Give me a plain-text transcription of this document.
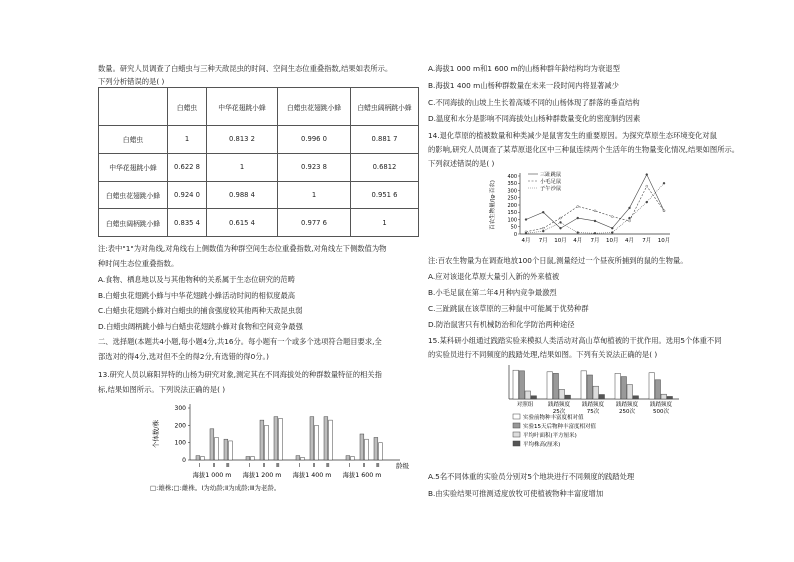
数量。研究人员调查了白蜡虫与三种天敌昆虫的时间、空间生态位重叠指数,结果如表所示。
下列分析错误的是( )
	白蜡虫	中华花翅跳小蜂	白蜡虫花翅跳小蜂	白蜡虫阔柄跳小蜂
白蜡虫	1	0.813 2	0.996 0	0.881 7
中华花翅跳小蜂	0.622 8	1	0.923 8	0.6812
白蜡虫花翅跳小蜂	0.924 0	0.988 4	1	0.951 6
白蜡虫阔柄跳小蜂	0.835 4	0.615 4	0.977 6	1
注:表中"1"为对角线,对角线右上侧数值为种群空间生态位重叠指数,对角线左下侧数值为物
种时间生态位重叠指数。
A.食物、栖息地以及与其他物种的关系属于生态位研究的范畴
B.白蜡虫花翅跳小蜂与中华花翅跳小蜂活动时间的相似度最高
C.白蜡虫花翅跳小蜂对白蜡虫的捕食强度较其他两种天敌昆虫弱
D.白蜡虫阔柄跳小蜂与白蜡虫花翅跳小蜂对食物和空间竞争最强
二、选择题(本题共4小题,每小题4分,共16分。每小题有一个或多个选项符合题目要求,全
部选对的得4分,选对但不全的得2分,有选错的得0分。)
13.研究人员以麻阳异特的山杨为研究对象,测定其在不同海拔处的种群数量特征的相关指
标,结果如图所示。下列说法正确的是( )
0
100
200
300
个体数/株
龄级
海拔1 000 m
Ⅰ Ⅱ Ⅲ
海拔1 200 m
Ⅰ Ⅱ Ⅲ
海拔1 400 m
Ⅰ Ⅱ Ⅲ
海拔1 600 m
Ⅰ Ⅱ Ⅲ
□:雄株;□:雌株。Ⅰ为幼龄;Ⅱ为成龄;Ⅲ为老龄。
A.海拔1 000 m和1 600 m的山杨种群年龄结构均为衰退型
B.海拔1 400 m山杨种群数量在未来一段时间内将显著减少
C.不同海拔的山坡上生长着高矮不同的山杨体现了群落的垂直结构
D.温度和水分是影响不同海拔处山杨种群数量变化的密度制约因素
14.退化草原的植被数量和种类减少是鼠害发生的重要原因。为探究草原生态环境变化对鼠
的影响,研究人员调查了某草原退化区中三种鼠连续两个生活年的生物量变化情况,结果如图所示。
下列叙述错误的是( )
0
50
100
150
200
250
300
350
400
百农生物量/(g·百农)
4月 7月 10月 4月 7月 10月 4月 7月 10月
三趾跳鼠
小毛足鼠
子午沙鼠
注:百农生物量为在调查地放100个日鼠,测量经过一个昼夜所捕到的鼠的生物量。
A.应对该退化草原大量引入新的外来植被
B.小毛足鼠在第二年4月种内竞争最激烈
C.三趾跳鼠在该草原的三种鼠中可能属于优势种群
D.防治鼠害只有机械防治和化学防治两种途径
15.某科研小组通过践踏实验来模拟人类活动对高山草甸植被的干扰作用。选用5个体重不同
的实验员进行不同频度的践踏处理,结果如图。下列有关说法正确的是( )
对照组	践踏频度
25次
践踏频度
75次
践踏频度
250次
践踏频度
500次
实验前物种丰富度相对值
实验15天后物种丰富度相对值
平均叶面积(平方厘米)
平均株高(厘米)
A.5名不同体重的实验员分别对5个地块进行不同频度的践踏处理
B.由实验结果可推测适度放牧可使植被物种丰富度增加
